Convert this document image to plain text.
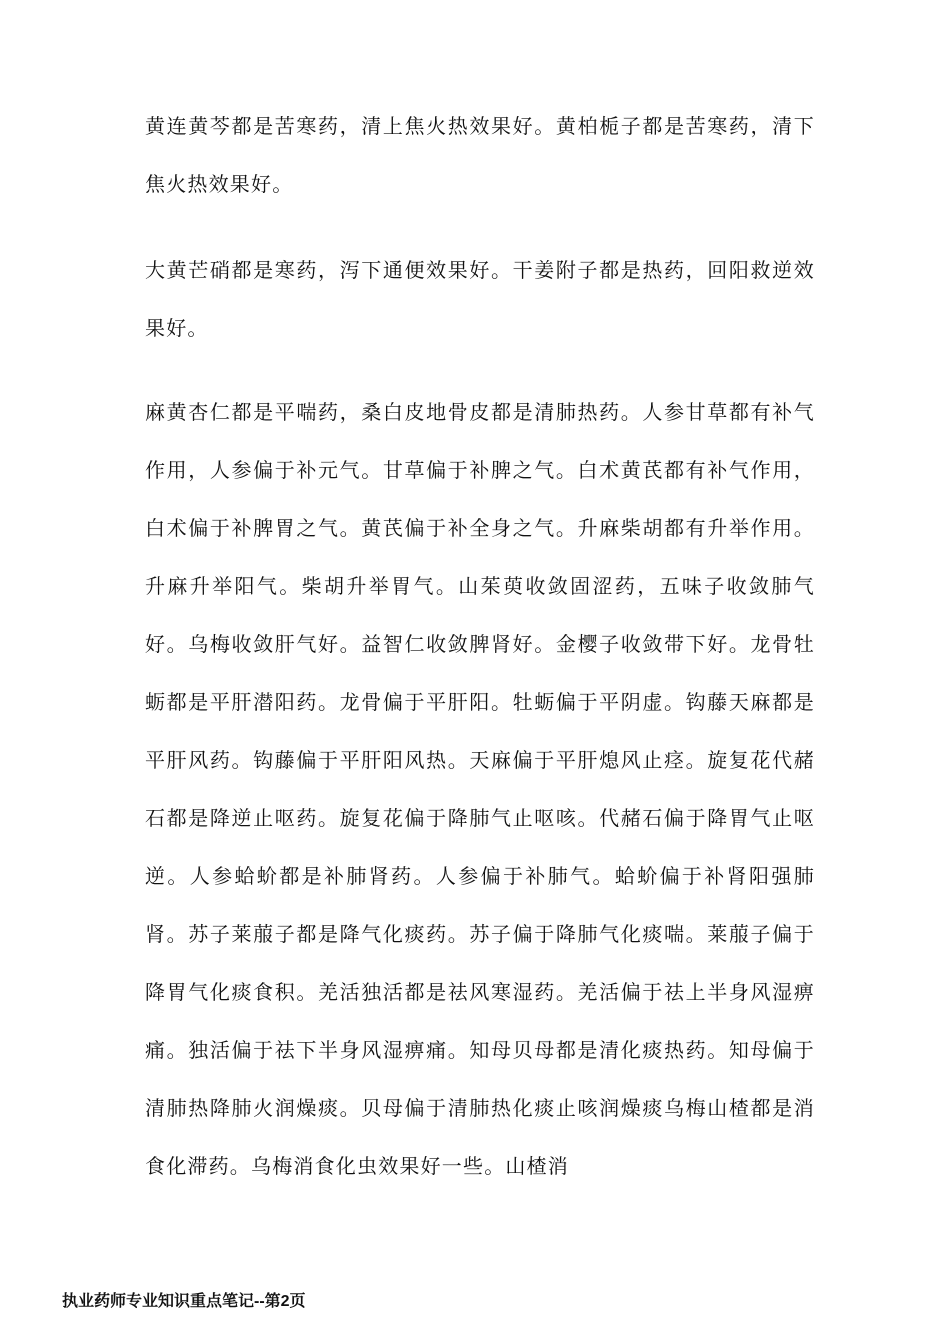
黄连黄芩都是苦寒药，清上焦火热效果好。黄柏栀子都是苦寒药，清下焦火热效果好。

大黄芒硝都是寒药，泻下通便效果好。干姜附子都是热药，回阳救逆效果好。

麻黄杏仁都是平喘药，桑白皮地骨皮都是清肺热药。人参甘草都有补气作用，人参偏于补元气。甘草偏于补脾之气。白术黄芪都有补气作用，白术偏于补脾胃之气。黄芪偏于补全身之气。升麻柴胡都有升举作用。升麻升举阳气。柴胡升举胃气。山茱萸收敛固涩药，五味子收敛肺气好。乌梅收敛肝气好。益智仁收敛脾肾好。金樱子收敛带下好。龙骨牡蛎都是平肝潜阳药。龙骨偏于平肝阳。牡蛎偏于平阴虚。钩藤天麻都是平肝风药。钩藤偏于平肝阳风热。天麻偏于平肝熄风止痉。旋复花代赭石都是降逆止呕药。旋复花偏于降肺气止呕咳。代赭石偏于降胃气止呕逆。人参蛤蚧都是补肺肾药。人参偏于补肺气。蛤蚧偏于补肾阳强肺肾。苏子莱菔子都是降气化痰药。苏子偏于降肺气化痰喘。莱菔子偏于降胃气化痰食积。羌活独活都是祛风寒湿药。羌活偏于祛上半身风湿痹痛。独活偏于祛下半身风湿痹痛。知母贝母都是清化痰热药。知母偏于清肺热降肺火润燥痰。贝母偏于清肺热化痰止咳润燥痰乌梅山楂都是消食化滞药。乌梅消食化虫效果好一些。山楂消

执业药师专业知识重点笔记--第2页
